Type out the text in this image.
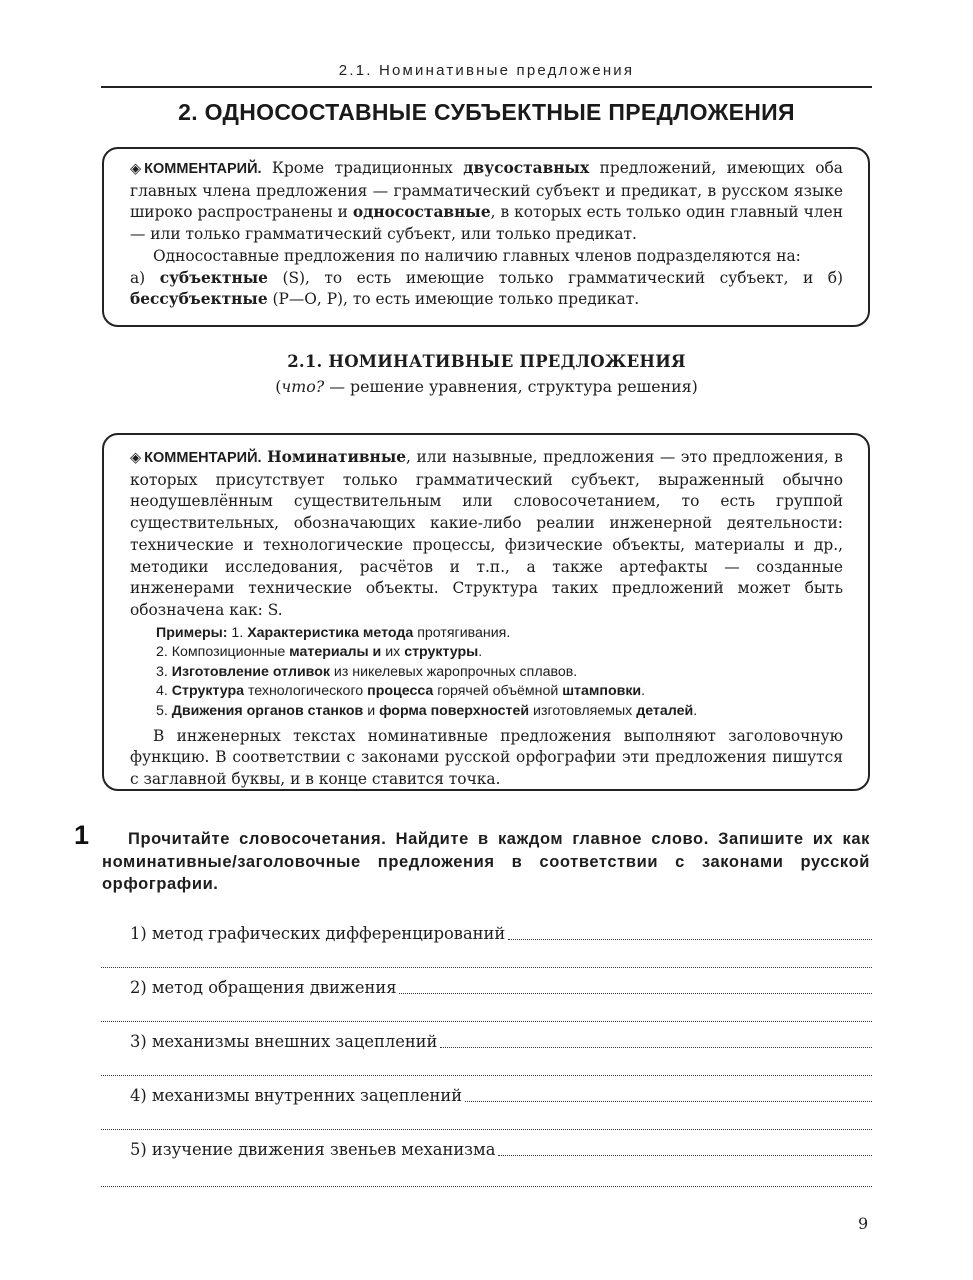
2.1. Номинативные предложения
2. ОДНОСОСТАВНЫЕ СУБЪЕКТНЫЕ ПРЕДЛОЖЕНИЯ

◈ КОММЕНТАРИЙ. Кроме традиционных двусоставных предложений, имеющих оба главных члена предложения — грамматический субъект и предикат, в русском языке широко распространены и односоставные, в которых есть только один главный член — или только грамматический субъект, или только предикат.

Односоставные предложения по наличию главных членов подразделяются на:

а) субъектные (S), то есть имеющие только грамматический субъект, и б) бессубъектные (Р—О, Р), то есть имеющие только предикат.

2.1. НОМИНАТИВНЫЕ ПРЕДЛОЖЕНИЯ
(что? — решение уравнения, структура решения)

◈ КОММЕНТАРИЙ. Номинативные, или назывные, предложения — это предложения, в которых присутствует только грамматический субъект, выраженный обычно неодушевлённым существительным или словосочетанием, то есть группой существительных, обозначающих какие-либо реалии инженерной деятельности: технические и технологические процессы, физические объекты, материалы и др., методики исследования, расчётов и т.п., а также артефакты — созданные инженерами технические объекты. Структура таких предложений может быть обозначена как: S.

Примеры: 1. Характеристика метода протягивания.
2. Композиционные материалы и их структуры.
3. Изготовление отливок из никелевых жаропрочных сплавов.
4. Структура технологического процесса горячей объёмной штамповки.
5. Движения органов станков и форма поверхностей изготовляемых деталей.

В инженерных текстах номинативные предложения выполняют заголовочную функцию. В соответствии с законами русской орфографии эти предложения пишутся с заглавной буквы, и в конце ставится точка.

1	Прочитайте словосочетания. Найдите в каждом главное слово. Запишите их как номинативные/заголовочные предложения в соответствии с законами русской орфографии.
1) метод графических дифференцирований
2) метод обращения движения
3) механизмы внешних зацеплений
4) механизмы внутренних зацеплений
5) изучение движения звеньев механизма
9
